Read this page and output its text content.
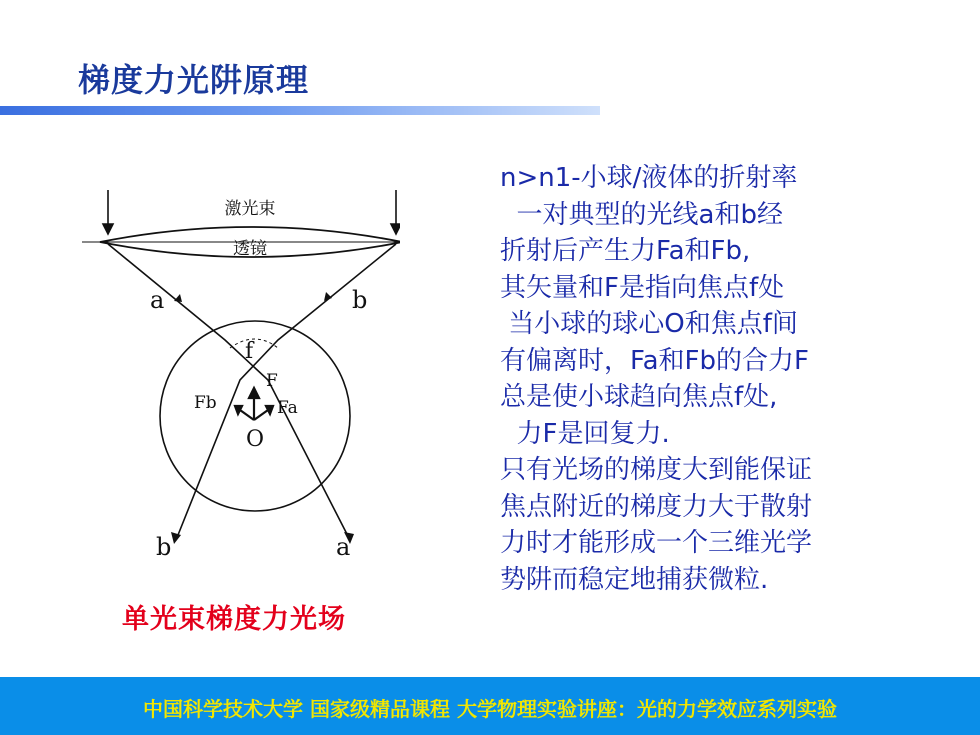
梯度力光阱原理
激光束
透镜
a	b
f
F
Fb	Fa
O
b	a
单光束梯度力光场
n>n1-小球/液体的折射率
一对典型的光线a和b经
折射后产生力Fa和Fb,
其矢量和F是指向焦点f处
当小球的球心O和焦点f间
有偏离时，Fa和Fb的合力F
总是使小球趋向焦点f处,
力F是回复力.
只有光场的梯度大到能保证
焦点附近的梯度力大于散射
力时才能形成一个三维光学
势阱而稳定地捕获微粒.
中国科学技术大学 国家级精品课程 大学物理实验讲座：光的力学效应系列实验
